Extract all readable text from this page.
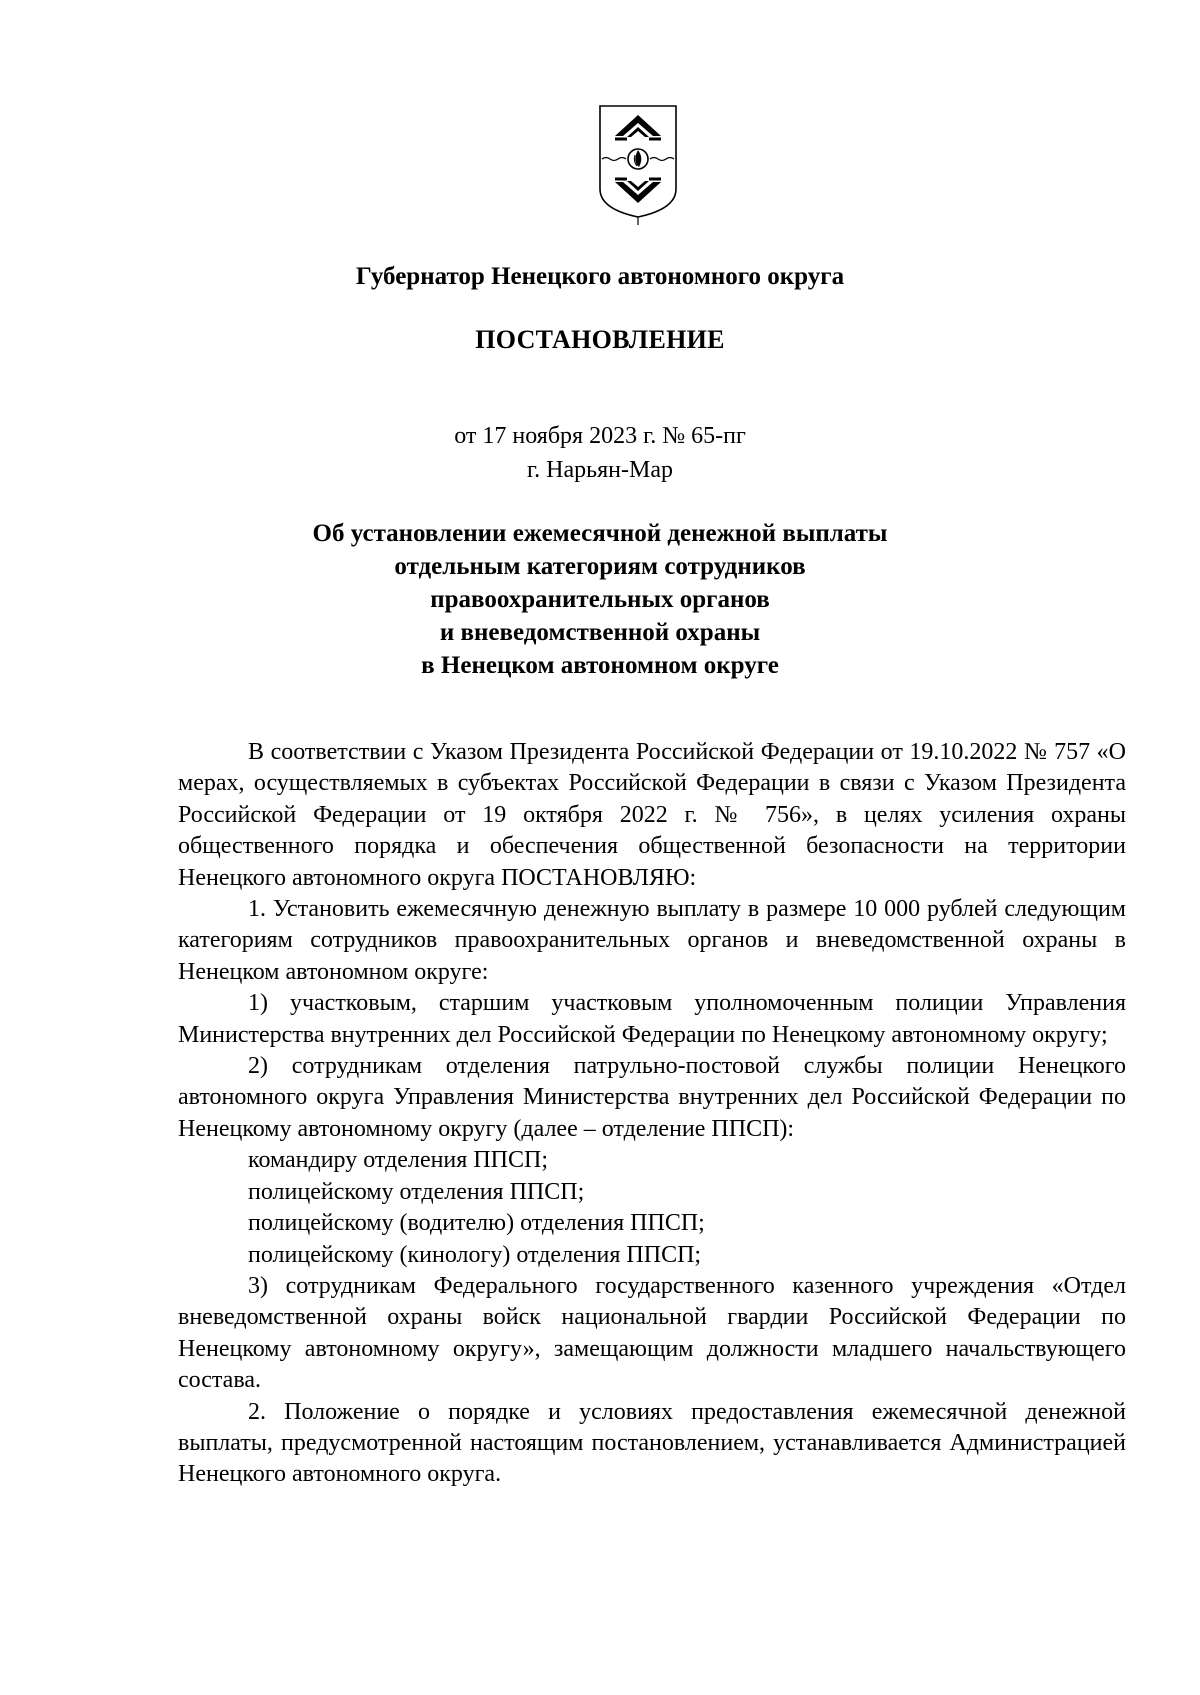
Губернатор Ненецкого автономного округа
ПОСТАНОВЛЕНИЕ
от 17 ноября 2023 г. № 65-пг
г. Нарьян-Мар
Об установлении ежемесячной денежной выплаты
отдельным категориям сотрудников
правоохранительных органов
и вневедомственной охраны
в Ненецком автономном округе

В соответствии с Указом Президента Российской Федерации от 19.10.2022 № 757 «О мерах, осуществляемых в субъектах Российской Федерации в связи с Указом Президента Российской Федерации от 19 октября 2022 г. № 756», в целях усиления охраны общественного порядка и обеспечения общественной безопасности на территории Ненецкого автономного округа ПОСТАНОВЛЯЮ:

1. Установить ежемесячную денежную выплату в размере 10 000 рублей следующим категориям сотрудников правоохранительных органов и вневедомственной охраны в Ненецком автономном округе:

1) участковым, старшим участковым уполномоченным полиции Управления Министерства внутренних дел Российской Федерации по Ненецкому автономному округу;

2) сотрудникам отделения патрульно-постовой службы полиции Ненецкого автономного округа Управления Министерства внутренних дел Российской Федерации по Ненецкому автономному округу (далее – отделение ППСП):

командиру отделения ППСП;

полицейскому отделения ППСП;

полицейскому (водителю) отделения ППСП;

полицейскому (кинологу) отделения ППСП;

3) сотрудникам Федерального государственного казенного учреждения «Отдел вневедомственной охраны войск национальной гвардии Российской Федерации по Ненецкому автономному округу», замещающим должности младшего начальствующего состава.

2. Положение о порядке и условиях предоставления ежемесячной денежной выплаты, предусмотренной настоящим постановлением, устанавливается Администрацией Ненецкого автономного округа.
